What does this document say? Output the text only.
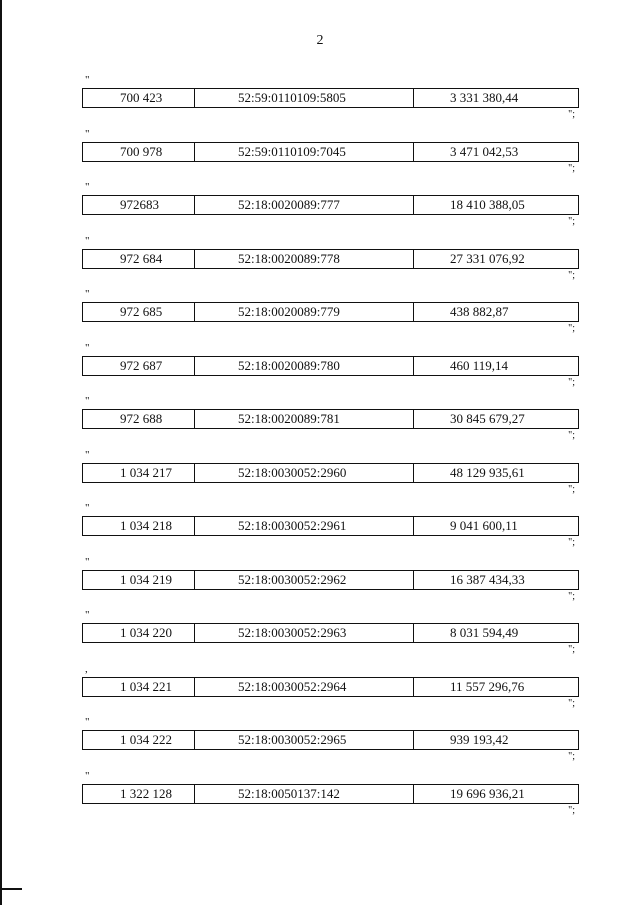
2
"
700 423	52:59:0110109:5805	3 331 380,44
";
"
700 978	52:59:0110109:7045	3 471 042,53
";
"
972683	52:18:0020089:777	18 410 388,05
";
"
972 684	52:18:0020089:778	27 331 076,92
";
"
972 685	52:18:0020089:779	438 882,87
";
"
972 687	52:18:0020089:780	460 119,14
";
"
972 688	52:18:0020089:781	30 845 679,27
";
"
1 034 217	52:18:0030052:2960	48 129 935,61
";
"
1 034 218	52:18:0030052:2961	9 041 600,11
";
"
1 034 219	52:18:0030052:2962	16 387 434,33
";
"
1 034 220	52:18:0030052:2963	8 031 594,49
";
,
1 034 221	52:18:0030052:2964	11 557 296,76
";
"
1 034 222	52:18:0030052:2965	939 193,42
";
"
1 322 128	52:18:0050137:142	19 696 936,21
";
